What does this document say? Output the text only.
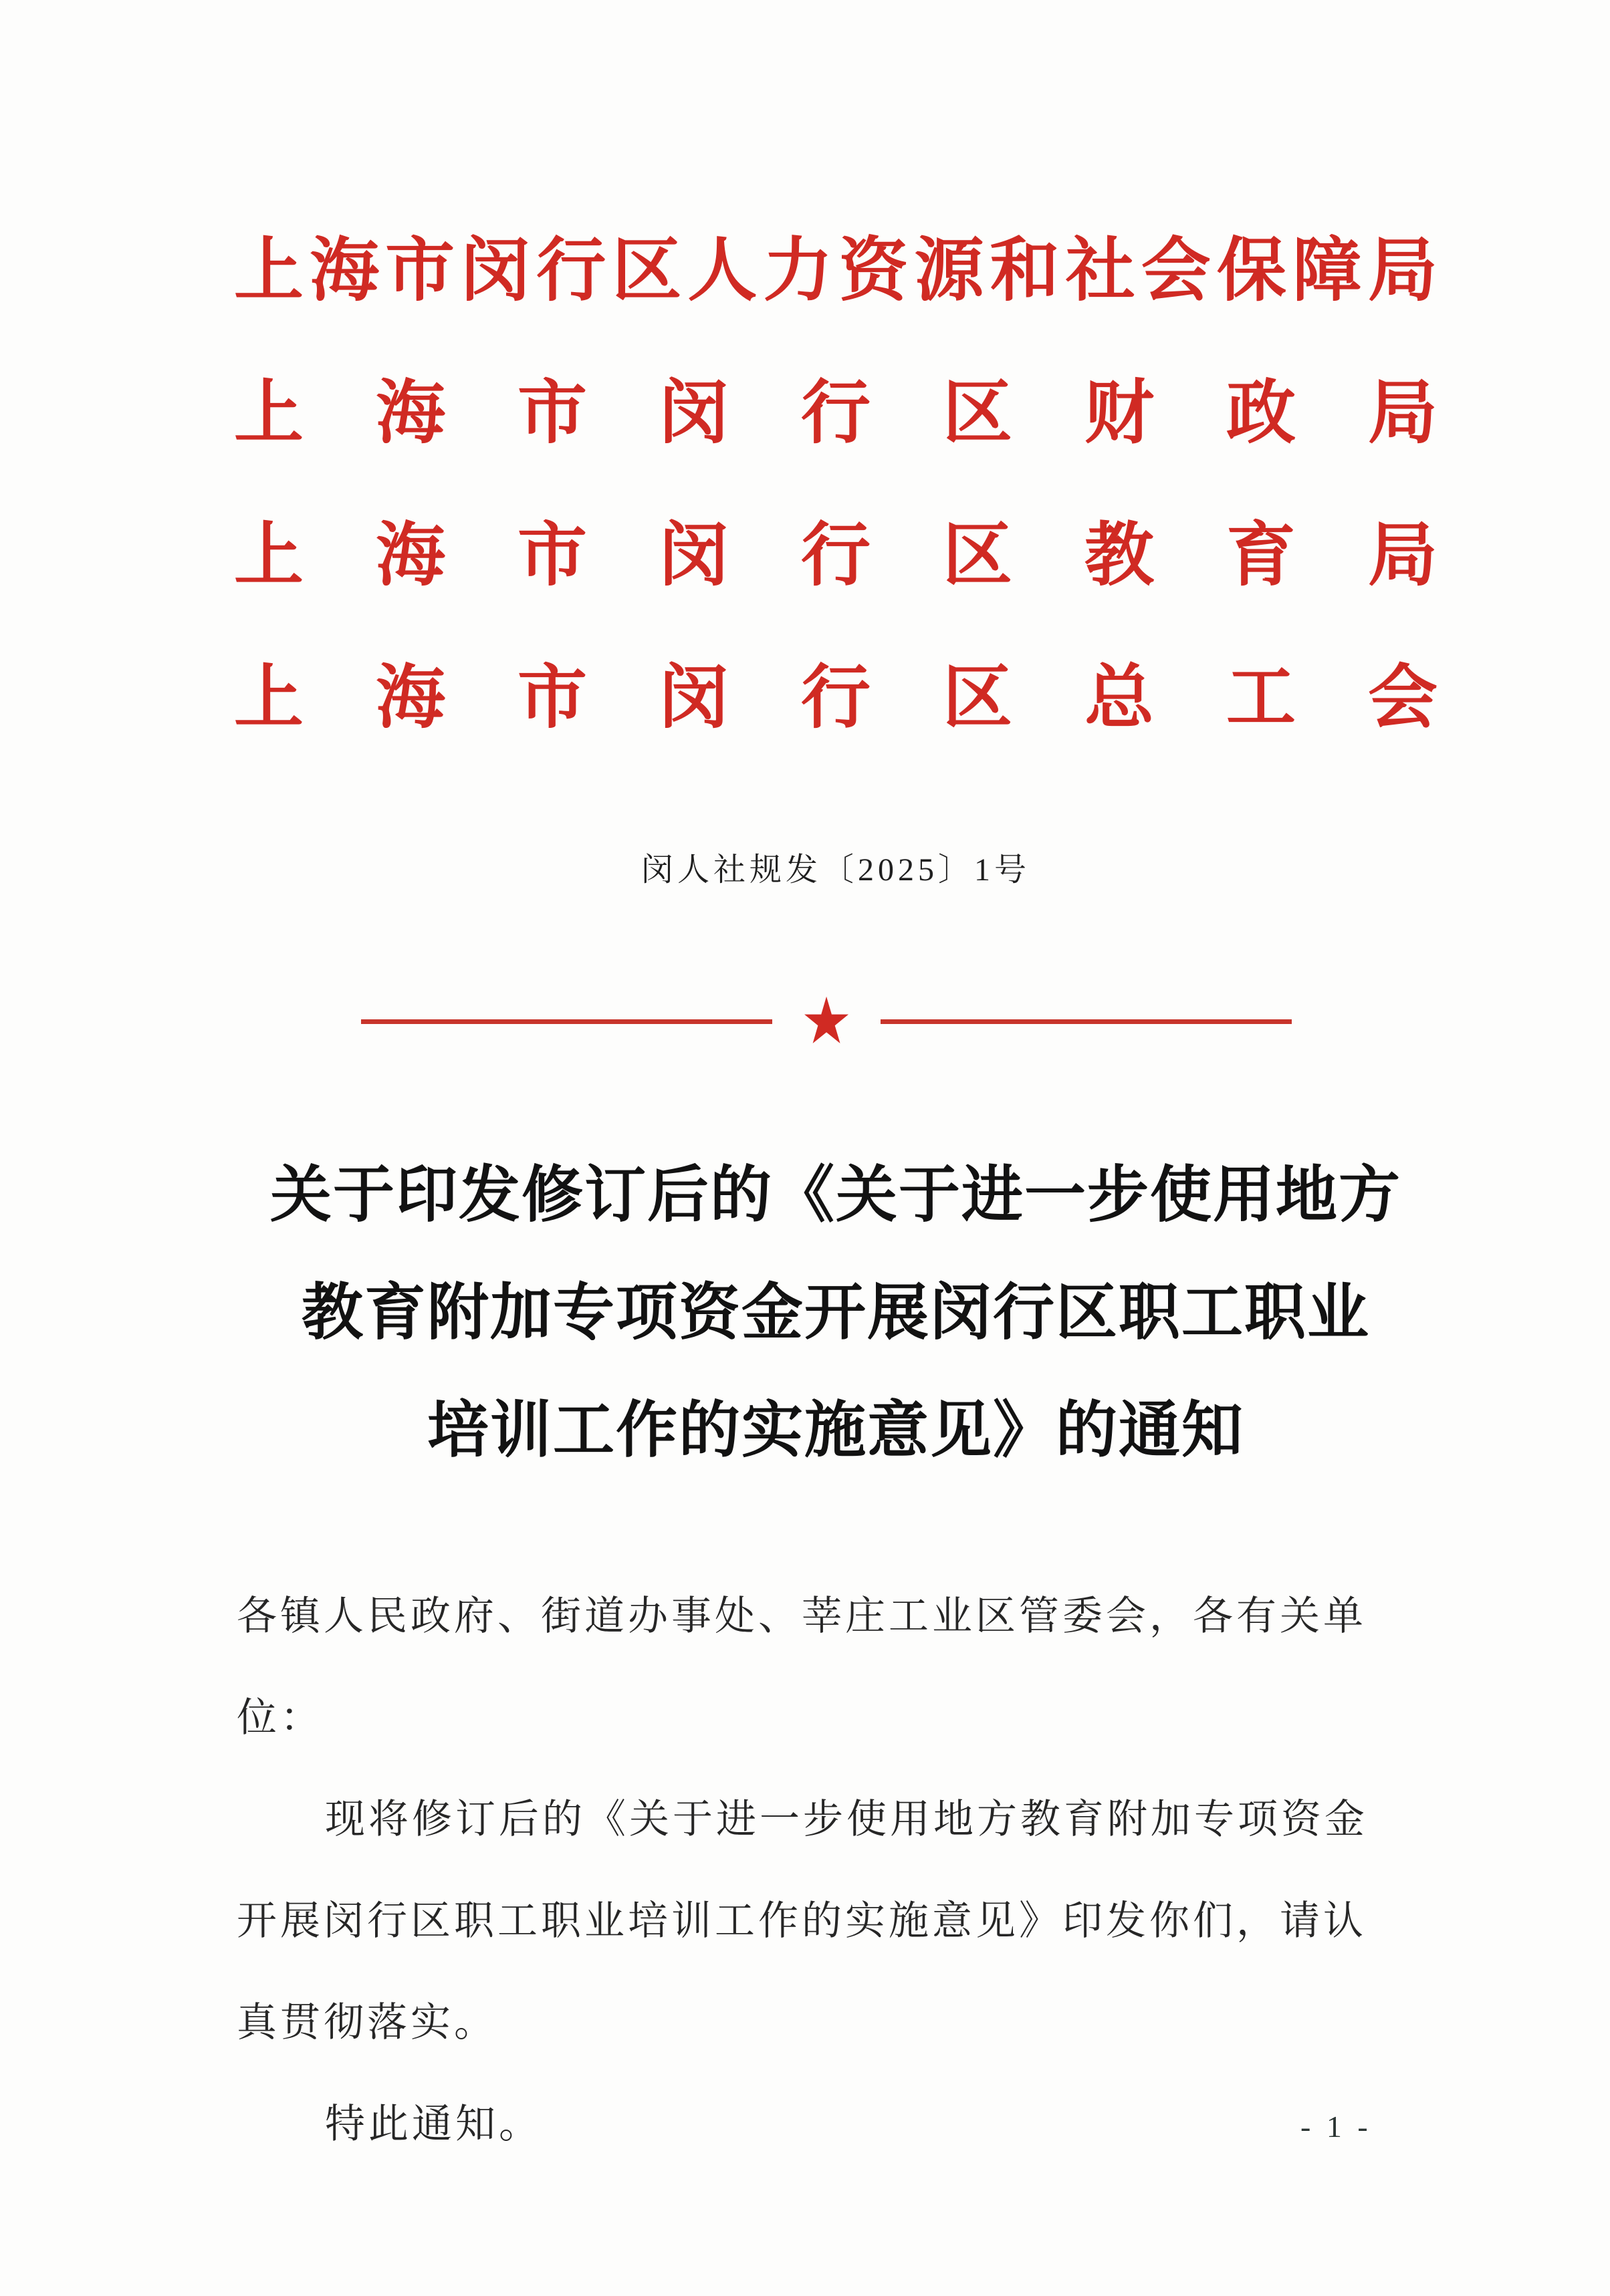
上海市闵行区人力资源和社会保障局
上海市闵行区财政局
上海市闵行区教育局
上海市闵行区总工会
闵人社规发〔2025〕1号
★
关于印发修订后的《关于进一步使用地方
教育附加专项资金开展闵行区职工职业
培训工作的实施意见》的通知
各镇人民政府、街道办事处、莘庄工业区管委会，各有关单
位：
现将修订后的《关于进一步使用地方教育附加专项资金
开展闵行区职工职业培训工作的实施意见》印发你们，请认
真贯彻落实。
特此通知。	- 1 -
